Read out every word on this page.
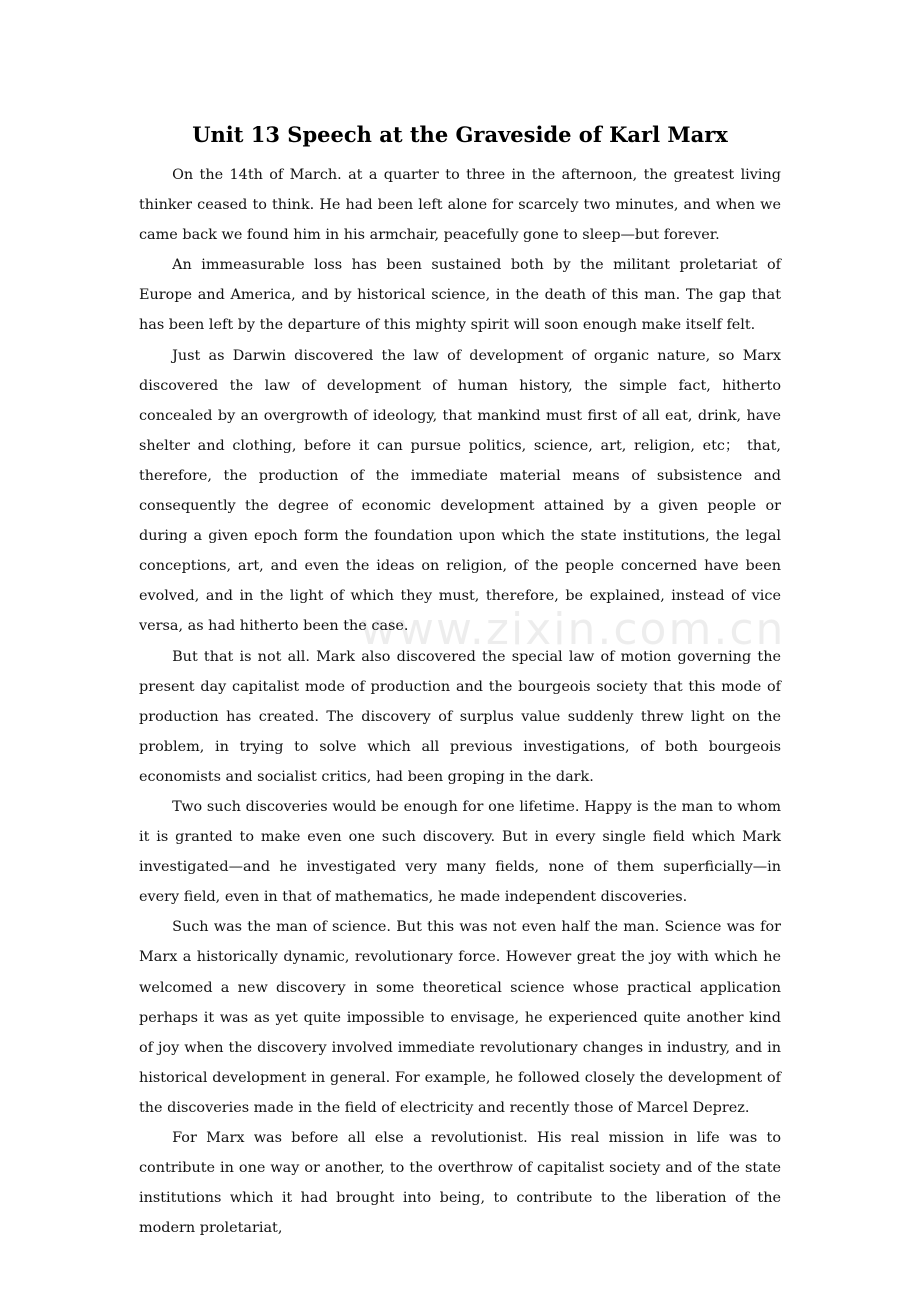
Unit 13 Speech at the Graveside of Karl Marx
www.zixin.com.cn

On the 14th of March. at a quarter to three in the afternoon, the greatest living thinker ceased to think. He had been left alone for scarcely two minutes, and when we came back we found him in his armchair, peacefully gone to sleep—but forever.

An immeasurable loss has been sustained both by the militant proletariat of Europe and America, and by historical science, in the death of this man. The gap that has been left by the departure of this mighty spirit will soon enough make itself felt.

Just as Darwin discovered the law of development of organic nature, so Marx discovered the law of development of human history, the simple fact, hitherto concealed by an overgrowth of ideology, that mankind must first of all eat, drink, have shelter and clothing, before it can pursue politics, science, art, religion, etc； that, therefore, the production of the immediate material means of subsistence and consequently the degree of economic development attained by a given people or during a given epoch form the foundation upon which the state institutions, the legal conceptions, art, and even the ideas on religion, of the people concerned have been evolved, and in the light of which they must, therefore, be explained, instead of vice versa, as had hitherto been the case.

But that is not all. Mark also discovered the special law of motion governing the present day capitalist mode of production and the bourgeois society that this mode of production has created. The discovery of surplus value suddenly threw light on the problem, in trying to solve which all previous investigations, of both bourgeois economists and socialist critics, had been groping in the dark.

Two such discoveries would be enough for one lifetime. Happy is the man to whom it is granted to make even one such discovery. But in every single field which Mark investigated—and he investigated very many fields, none of them superficially—in every field, even in that of mathematics, he made independent discoveries.

Such was the man of science. But this was not even half the man. Science was for Marx a historically dynamic, revolutionary force. However great the joy with which he welcomed a new discovery in some theoretical science whose practical application perhaps it was as yet quite impossible to envisage, he experienced quite another kind of joy when the discovery involved immediate revolutionary changes in industry, and in historical development in general. For example, he followed closely the development of the discoveries made in the field of electricity and recently those of Marcel Deprez.

For Marx was before all else a revolutionist. His real mission in life was to contribute in one way or another, to the overthrow of capitalist society and of the state institutions which it had brought into being, to contribute to the liberation of the modern proletariat,
